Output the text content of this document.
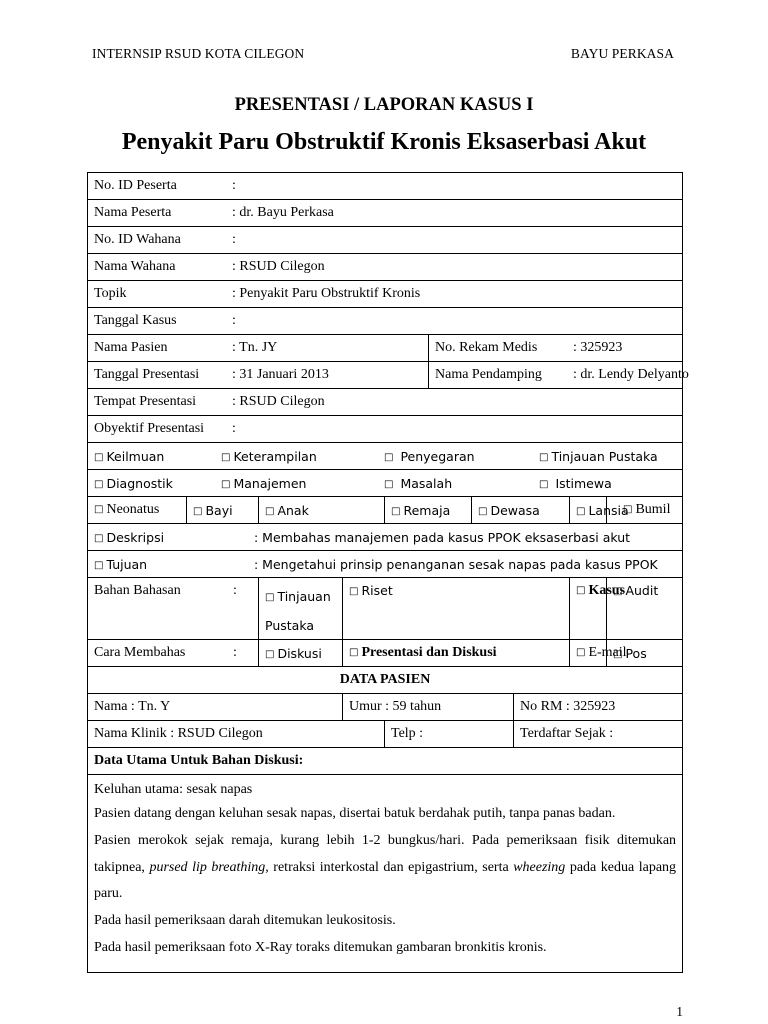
INTERNSIP RSUD KOTA CILEGON	BAYU PERKASA
PRESENTASI / LAPORAN KASUS I
Penyakit Paru Obstruktif Kronis Eksaserbasi Akut
No. ID Peserta :									
Nama Peserta : dr. Bayu Perkasa									
No. ID Wahana :									
Nama Wahana : RSUD Cilegon									
Topik : Penyakit Paru Obstruktif Kronis									
Tanggal Kasus :									
Nama Pasien : Tn. JY					No. Rekam Medis : 325923				
Tanggal Presentasi : 31 Januari 2013					Nama Pendamping : dr. Lendy Delyanto				
Tempat Presentasi : RSUD Cilegon									
Obyektif Presentasi :									
□ Keilmuan □ Keterampilan □ Penyegaran □ Tinjauan Pustaka
□ Diagnostik □ Manajemen □ Masalah □ Istimewa
□ Neonatus	□Bayi	□Anak	□Remaja	□Dewasa	□Lansia	□Bumil
□ Deskripsi : Membahas manajemen pada kasus PPOK eksaserbasi akut
□ Tujuan : Mengetahui prinsip penanganan sesak napas pada kasus PPOK
Bahan Bahasan :	□Tinjauan
Pustaka	□ Riset	□Kasus	□Audit
Cara Membahas :	□Diskusi	□Presentasi dan Diskusi	□E-mail	□ Pos
DATA PASIEN									
Nama : Tn. Y			Umur : 59 tahun				No RM : 325923		
Nama Klinik : RSUD Cilegon				Telp :			Terdaftar Sejak :		
Data Utama Untuk Bahan Diskusi:									

Keluhan utama: sesak napas

Pasien datang dengan keluhan sesak napas, disertai batuk berdahak putih, tanpa panas badan.

Pasien merokok sejak remaja, kurang lebih 1-2 bungkus/hari. Pada pemeriksaan fisik ditemukan takipnea, pursed lip breathing, retraksi interkostal dan epigastrium, serta wheezing pada kedua lapang paru.

Pada hasil pemeriksaan darah ditemukan leukositosis.

Pada hasil pemeriksaan foto X-Ray toraks ditemukan gambaran bronkitis kronis.									

1
